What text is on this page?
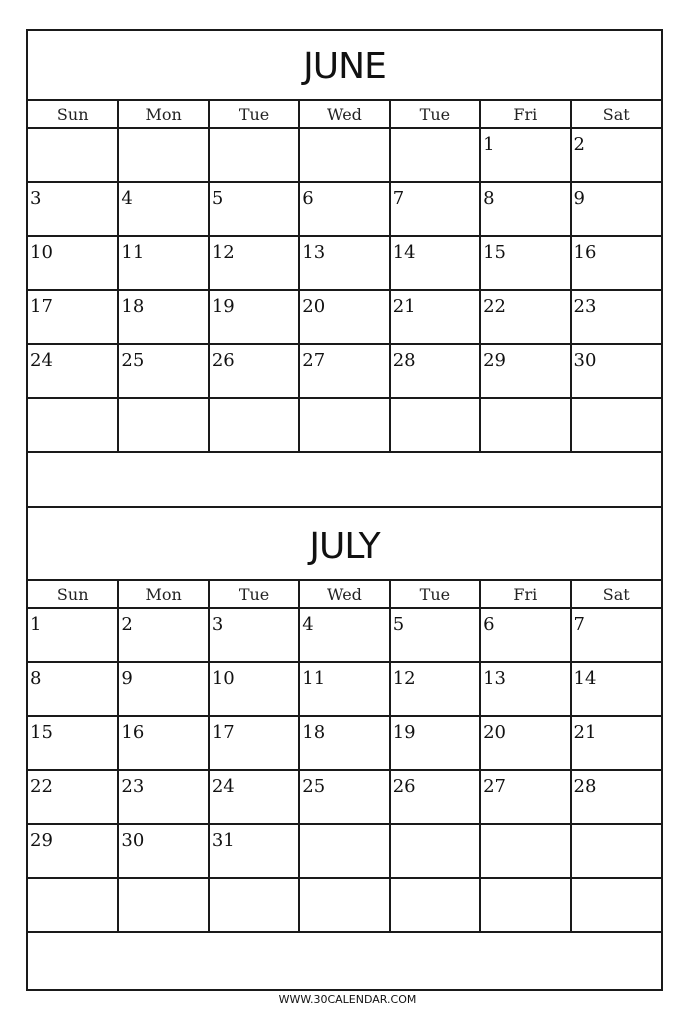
JUNE
Sun	Mon	Tue	Wed	Tue	Fri	Sat

					1	2

3	4	5	6	7	8	9

10	11	12	13	14	15	16

17	18	19	20	21	22	23

24	25	26	27	28	29	30

JULY
Sun	Mon	Tue	Wed	Tue	Fri	Sat

1	2	3	4	5	6	7

8	9	10	11	12	13	14

15	16	17	18	19	20	21

22	23	24	25	26	27	28

29	30	31				

WWW.30CALENDAR.COM
